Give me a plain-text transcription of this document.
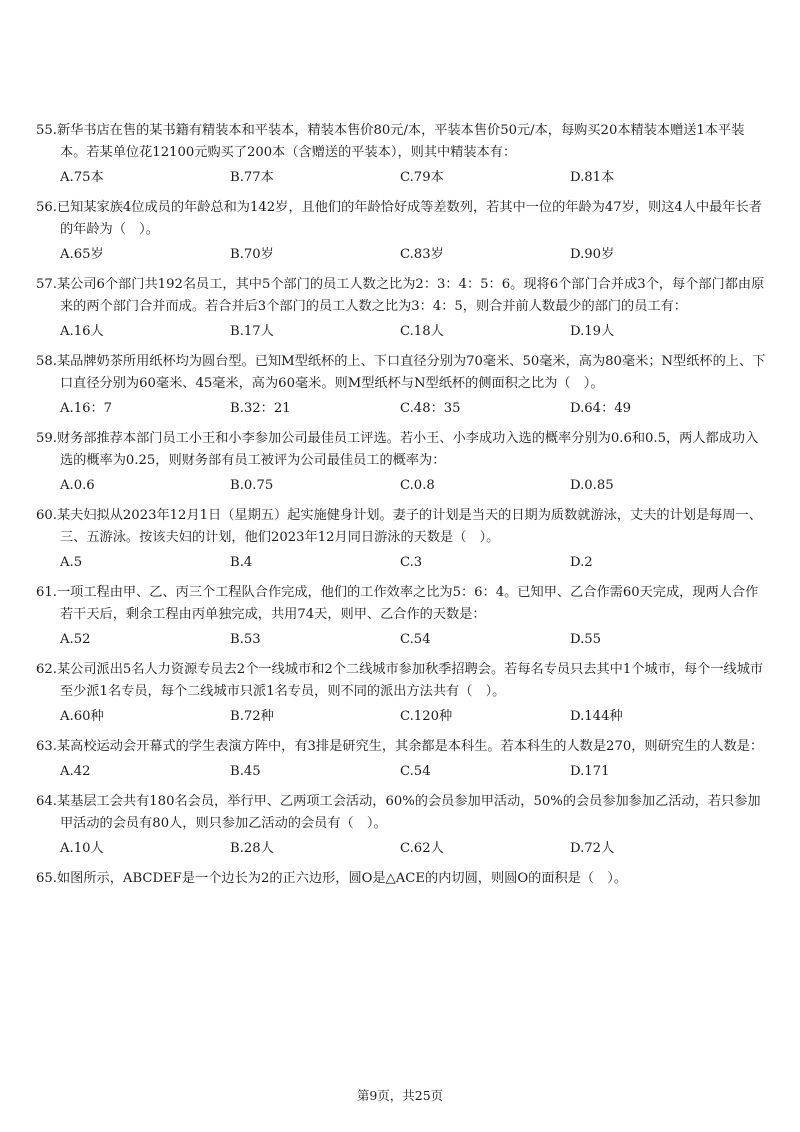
55.新华书店在售的某书籍有精装本和平装本，精装本售价80元/本，平装本售价50元/本，每购买20本精装本赠送1本平装本。若某单位花12100元购买了200本（含赠送的平装本），则其中精装本有：
A.75本	B.77本	C.79本	D.81本
56.已知某家族4位成员的年龄总和为142岁，且他们的年龄恰好成等差数列，若其中一位的年龄为47岁，则这4人中最年长者的年龄为（　）。
A.65岁	B.70岁	C.83岁	D.90岁
57.某公司6个部门共192名员工，其中5个部门的员工人数之比为2：3：4：5：6。现将6个部门合并成3个，每个部门都由原来的两个部门合并而成。若合并后3个部门的员工人数之比为3：4：5，则合并前人数最少的部门的员工有：
A.16人	B.17人	C.18人	D.19人
58.某品牌奶茶所用纸杯均为圆台型。已知M型纸杯的上、下口直径分别为70毫米、50毫米，高为80毫米；N型纸杯的上、下口直径分别为60毫米、45毫米，高为60毫米。则M型纸杯与N型纸杯的侧面积之比为（　）。
A.16：7	B.32：21	C.48：35	D.64：49
59.财务部推荐本部门员工小王和小李参加公司最佳员工评选。若小王、小李成功入选的概率分别为0.6和0.5，两人都成功入选的概率为0.25，则财务部有员工被评为公司最佳员工的概率为：
A.0.6	B.0.75	C.0.8	D.0.85
60.某夫妇拟从2023年12月1日（星期五）起实施健身计划。妻子的计划是当天的日期为质数就游泳，丈夫的计划是每周一、三、五游泳。按该夫妇的计划，他们2023年12月同日游泳的天数是（　）。
A.5	B.4	C.3	D.2
61.一项工程由甲、乙、丙三个工程队合作完成，他们的工作效率之比为5：6：4。已知甲、乙合作需60天完成，现两人合作若干天后，剩余工程由丙单独完成，共用74天，则甲、乙合作的天数是：
A.52	B.53	C.54	D.55
62.某公司派出5名人力资源专员去2个一线城市和2个二线城市参加秋季招聘会。若每名专员只去其中1个城市，每个一线城市至少派1名专员，每个二线城市只派1名专员，则不同的派出方法共有（　）。
A.60种	B.72种	C.120种	D.144种
63.某高校运动会开幕式的学生表演方阵中，有3排是研究生，其余都是本科生。若本科生的人数是270，则研究生的人数是：
A.42	B.45	C.54	D.171
64.某基层工会共有180名会员，举行甲、乙两项工会活动，60%的会员参加甲活动，50%的会员参加参加乙活动，若只参加甲活动的会员有80人，则只参加乙活动的会员有（　）。
A.10人	B.28人	C.62人	D.72人
65.如图所示，ABCDEF是一个边长为2的正六边形，圆O是△ACE的内切圆，则圆O的面积是（　）。
第9页，共25页
